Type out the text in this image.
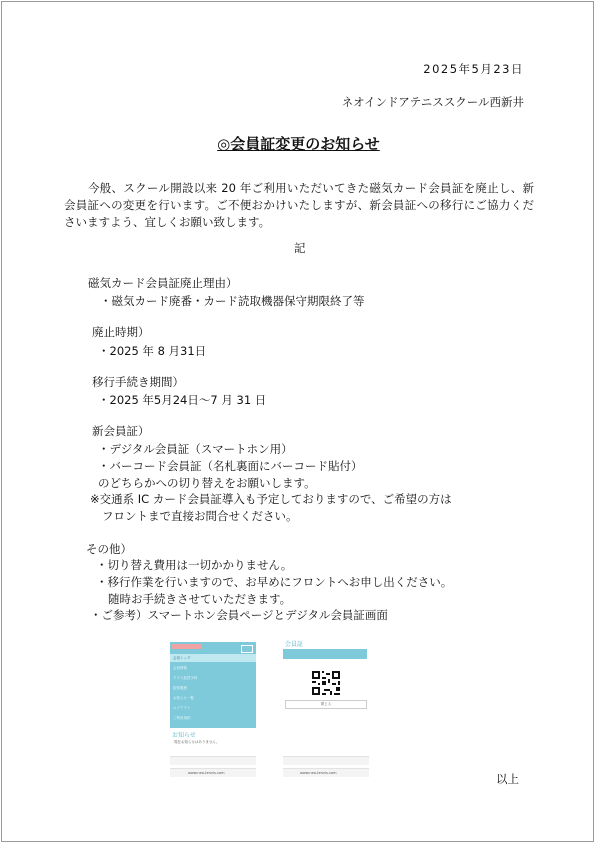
2025年5月23日
ネオインドアテニススクール西新井
◎会員証変更のお知らせ
今般、スクール開設以来 20 年ご利用いただいてきた磁気カード会員証を廃止し、新会員証への変更を行います。ご不便おかけいたしますが、新会員証への移行にご協力くださいますよう、宜しくお願い致します。
記
磁気カード会員証廃止理由）
・磁気カード廃番・カード読取機器保守期限終了等
廃止時期）
・2025 年 8 月31日
移行手続き期間）
・2025 年5月24日～7 月 31 日
新会員証）
・デジタル会員証（スマートホン用）
・バーコード会員証（名札裏面にバーコード貼付）
のどちらかへの切り替えをお願いします。
※交通系 IC カード会員証導入も予定しておりますので、ご希望の方は
フロントまで直接お問合せください。
その他）
・切り替え費用は一切かかりません。
・移行作業を行いますので、お早めにフロントへお申し出ください。
随時お手続きさせていただきます。
・ご参考）スマートホン会員ページとデジタル会員証画面
会員トップ
会員情報
クラス振替予約
振替履歴
お知らせ一覧
ログアウト
ご利用規約
お知らせ
現在お知らせはありません。
www.neo-tennis.com
会員証
閉じる
www.neo-tennis.com	以上
